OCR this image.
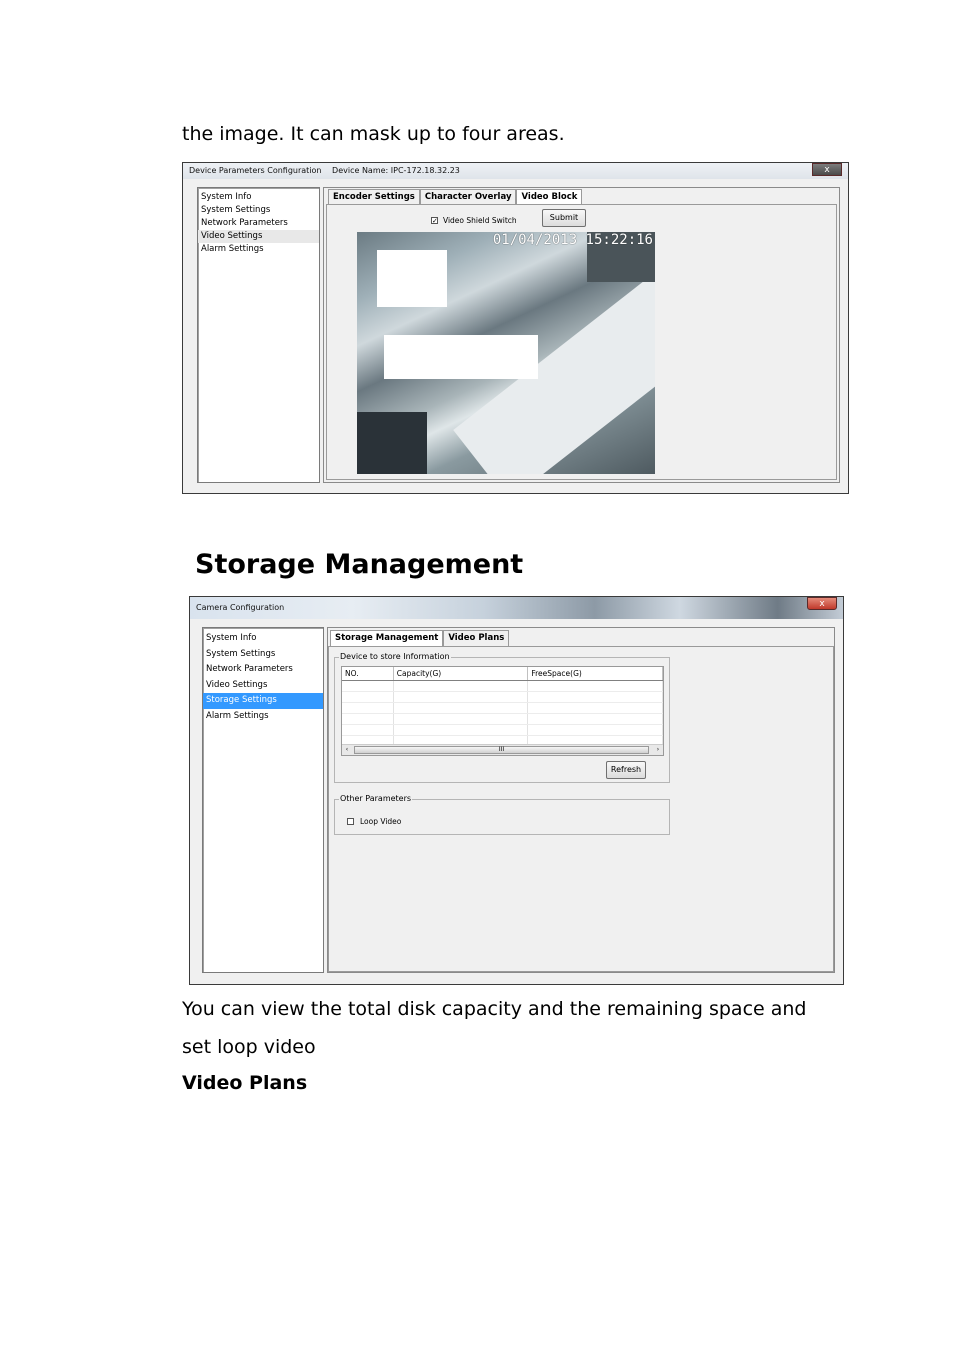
the image. It can mask up to four areas.

Device Parameters Configuration Device Name: IPC-172.18.32.23	x
System Info
System Settings
Network Parameters
Video Settings
Alarm Settings
Encoder Settings	Character Overlay	Video Block
✓ Video Shield Switch	Submit
01/04/2013 15:22:16
Storage Management
Camera Configuration	x
System Info
System Settings
Network Parameters
Video Settings
Storage Settings
Alarm Settings
Storage Management	Video Plans
Device to store Information
NO.	Capacity(G)	FreeSpace(G)

‹	III	›
Refresh
Other Parameters
Loop Video

You can view the total disk capacity and the remaining space and

set loop video

Video Plans
